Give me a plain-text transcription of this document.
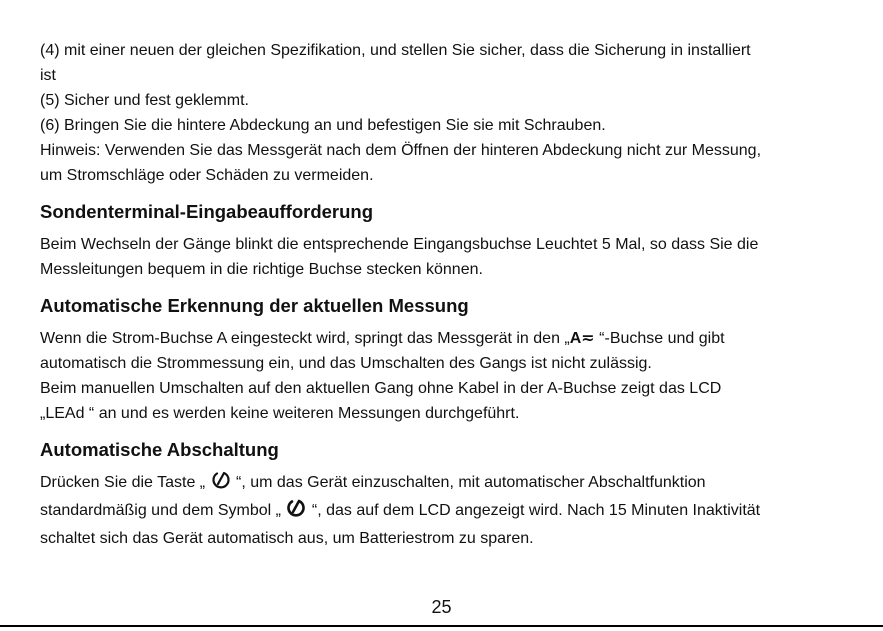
(4) mit einer neuen der gleichen Spezifikation, und stellen Sie sicher, dass die Sicherung in installiert

ist

(5) Sicher und fest geklemmt.

(6) Bringen Sie die hintere Abdeckung an und befestigen Sie sie mit Schrauben.

Hinweis: Verwenden Sie das Messgerät nach dem Öffnen der hinteren Abdeckung nicht zur Messung,

um Stromschläge oder Schäden zu vermeiden.

Sondenterminal-Eingabeaufforderung

Beim Wechseln der Gänge blinkt die entsprechende Eingangsbuchse Leuchtet 5 Mal, so dass Sie die

Messleitungen bequem in die richtige Buchse stecken können.

Automatische Erkennung der aktuellen Messung

Wenn die Strom-Buchse A eingesteckt wird, springt das Messgerät in den „A≂ “-Buchse und gibt

automatisch die Strommessung ein, und das Umschalten des Gangs ist nicht zulässig.

Beim manuellen Umschalten auf den aktuellen Gang ohne Kabel in der A-Buchse zeigt das LCD

„LEAd “ an und es werden keine weiteren Messungen durchgeführt.

Automatische Abschaltung

Drücken Sie die Taste „  “, um das Gerät einzuschalten, mit automatischer Abschaltfunktion

standardmäßig und dem Symbol „  “, das auf dem LCD angezeigt wird. Nach 15 Minuten Inaktivität

schaltet sich das Gerät automatisch aus, um Batteriestrom zu sparen.

25
